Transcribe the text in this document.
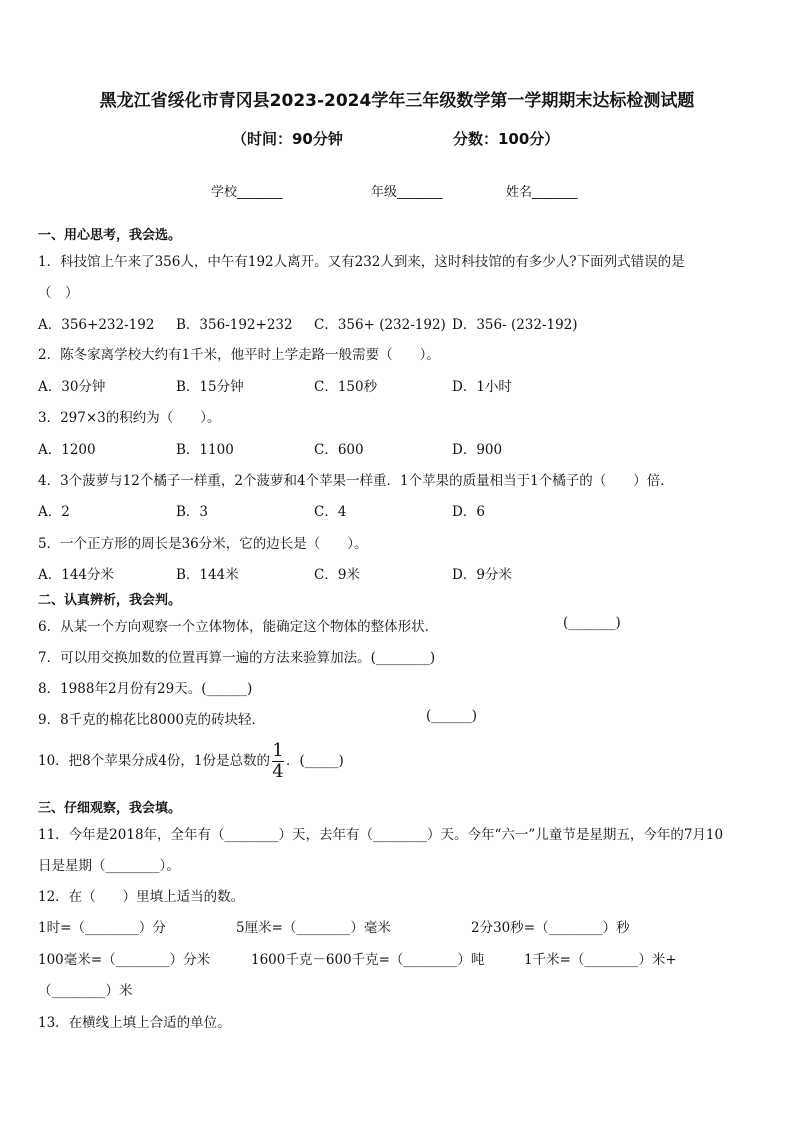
黑龙江省绥化市青冈县2023-2024学年三年级数学第一学期期末达标检测试题
（时间：90分钟	分数：100分）
学校_______	年级_______	姓名_______
一、用心思考，我会选。
1．科技馆上午来了356人，中午有192人离开。又有232人到来，这时科技馆的有多少人?下面列式错误的是
（　）
A．356+232-192 B．356-192+232 C．356+ (232-192) D．356- (232-192)
2．陈冬家离学校大约有1千米，他平时上学走路一般需要（　　）。
A．30分钟	B．15分钟	C．150秒	D．1小时
3．297×3的积约为（　　）。
A．1200	B．1100	C．600	D．900
4．3个菠萝与12个橘子一样重，2个菠萝和4个苹果一样重．1个苹果的质量相当于1个橘子的（　　）倍．
A．2	B．3	C．4	D．6
5．一个正方形的周长是36分米，它的边长是（　　）。
A．144分米	B．144米	C．9米	D．9分米
二、认真辨析，我会判。
6．从某一个方向观察一个立体物体，能确定这个物体的整体形状．	(_______)
7．可以用交换加数的位置再算一遍的方法来验算加法。(________)
8．1988年2月份有29天。(______)
9．8千克的棉花比8000克的砖块轻．	(______)
10．把8个苹果分成4份，1份是总数的 $\frac{1}{4}$ ．(_____)
三、仔细观察，我会填。
11．今年是2018年，全年有（________）天，去年有（________）天。今年“六一”儿童节是星期五，今年的7月10
日是星期（________）。
12．在（　　）里填上适当的数。
1时=（________）分	5厘米=（________）毫米	2分30秒=（________）秒
100毫米=（________）分米	1600千克－600千克=（________）吨	1千米=（________）米+
（________）米
13．在横线上填上合适的单位。
